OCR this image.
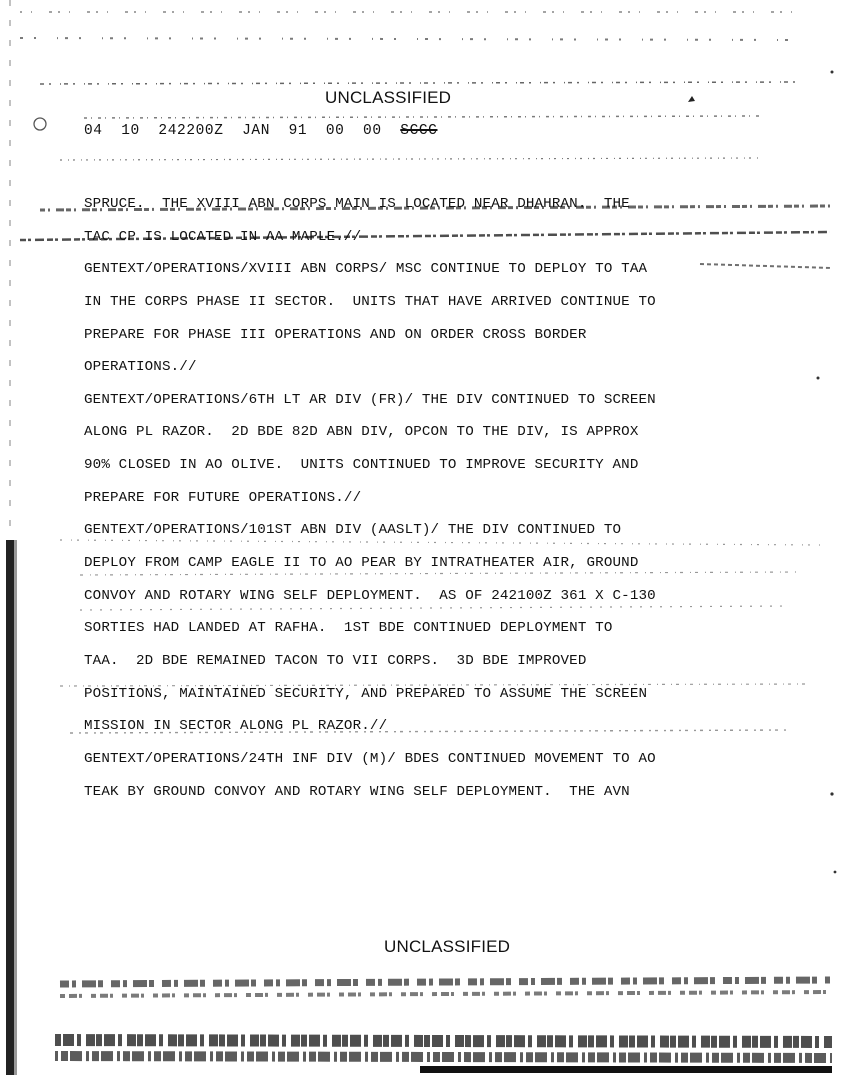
UNCLASSIFIED
04  10  242200Z  JAN  91  00  00 SCCC
SPRUCE.  THE XVIII ABN CORPS MAIN IS LOCATED NEAR DHAHRAN.  THE
TAC CP IS LOCATED IN AA MAPLE.//
GENTEXT/OPERATIONS/XVIII ABN CORPS/ MSC CONTINUE TO DEPLOY TO TAA
IN THE CORPS PHASE II SECTOR.  UNITS THAT HAVE ARRIVED CONTINUE TO
PREPARE FOR PHASE III OPERATIONS AND ON ORDER CROSS BORDER
OPERATIONS.//
GENTEXT/OPERATIONS/6TH LT AR DIV (FR)/ THE DIV CONTINUED TO SCREEN
ALONG PL RAZOR.  2D BDE 82D ABN DIV, OPCON TO THE DIV, IS APPROX
90% CLOSED IN AO OLIVE.  UNITS CONTINUED TO IMPROVE SECURITY AND
PREPARE FOR FUTURE OPERATIONS.//
GENTEXT/OPERATIONS/101ST ABN DIV (AASLT)/ THE DIV CONTINUED TO
DEPLOY FROM CAMP EAGLE II TO AO PEAR BY INTRATHEATER AIR, GROUND
CONVOY AND ROTARY WING SELF DEPLOYMENT.  AS OF 242100Z 361 X C-130
SORTIES HAD LANDED AT RAFHA.  1ST BDE CONTINUED DEPLOYMENT TO
TAA.  2D BDE REMAINED TACON TO VII CORPS.  3D BDE IMPROVED
POSITIONS, MAINTAINED SECURITY, AND PREPARED TO ASSUME THE SCREEN
MISSION IN SECTOR ALONG PL RAZOR.//
GENTEXT/OPERATIONS/24TH INF DIV (M)/ BDES CONTINUED MOVEMENT TO AO
TEAK BY GROUND CONVOY AND ROTARY WING SELF DEPLOYMENT.  THE AVN
UNCLASSIFIED
